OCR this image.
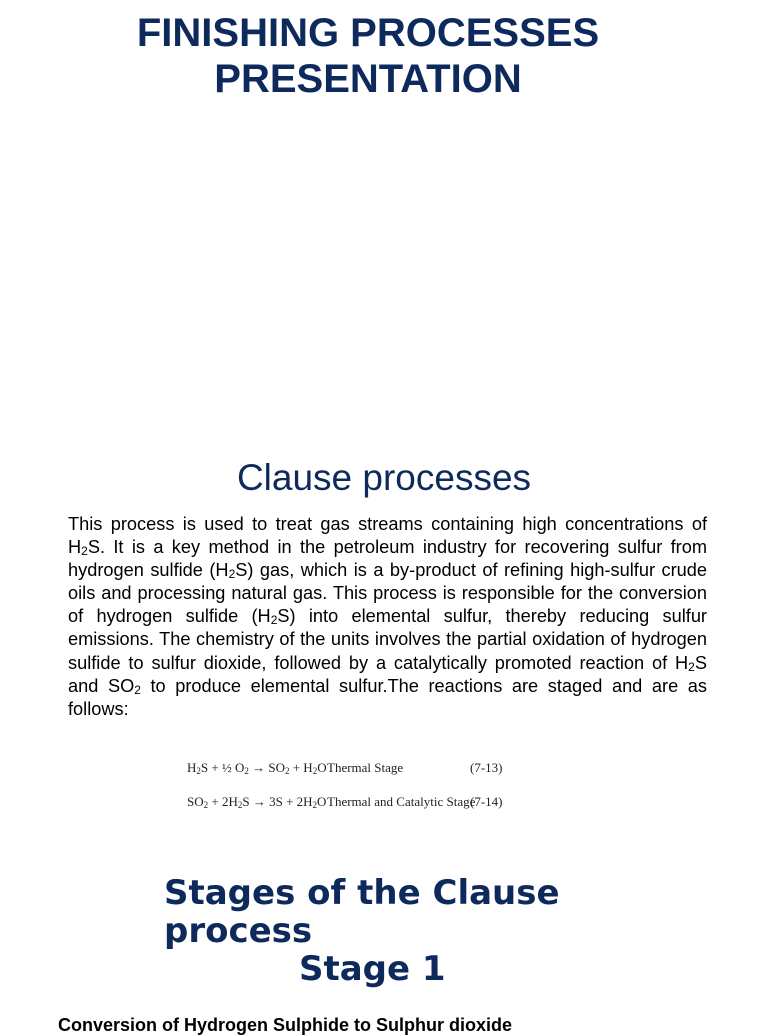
FINISHING PROCESSES
PRESENTATION
Clause processes

This process is used to treat gas streams containing high concentrations of $H_2S$. It is a key method in the petroleum industry for recovering sulfur from hydrogen sulfide $(H_2S)$ gas, which is a by-product of refining high-sulfur crude oils and processing natural gas. This process is responsible for the conversion of hydrogen sulfide $(H_2S)$ into elemental sulfur, thereby reducing sulfur emissions. The chemistry of the units involves the partial oxidation of hydrogen sulfide to sulfur dioxide, followed by a catalytically promoted reaction of $H_2S$ and $SO_2$ to produce elemental sulfur.The reactions are staged and are as follows:

$H_2S$ + ½ $O_2 \to SO_2 + H_2O$ Thermal Stage	(7-13)
$SO_2 + 2H_2S \to 3S + 2H_2O$ Thermal and Catalytic Stage
(7-14)
Stages of the Clause process
Stage 1

Conversion of Hydrogen Sulphide to Sulphur dioxide
